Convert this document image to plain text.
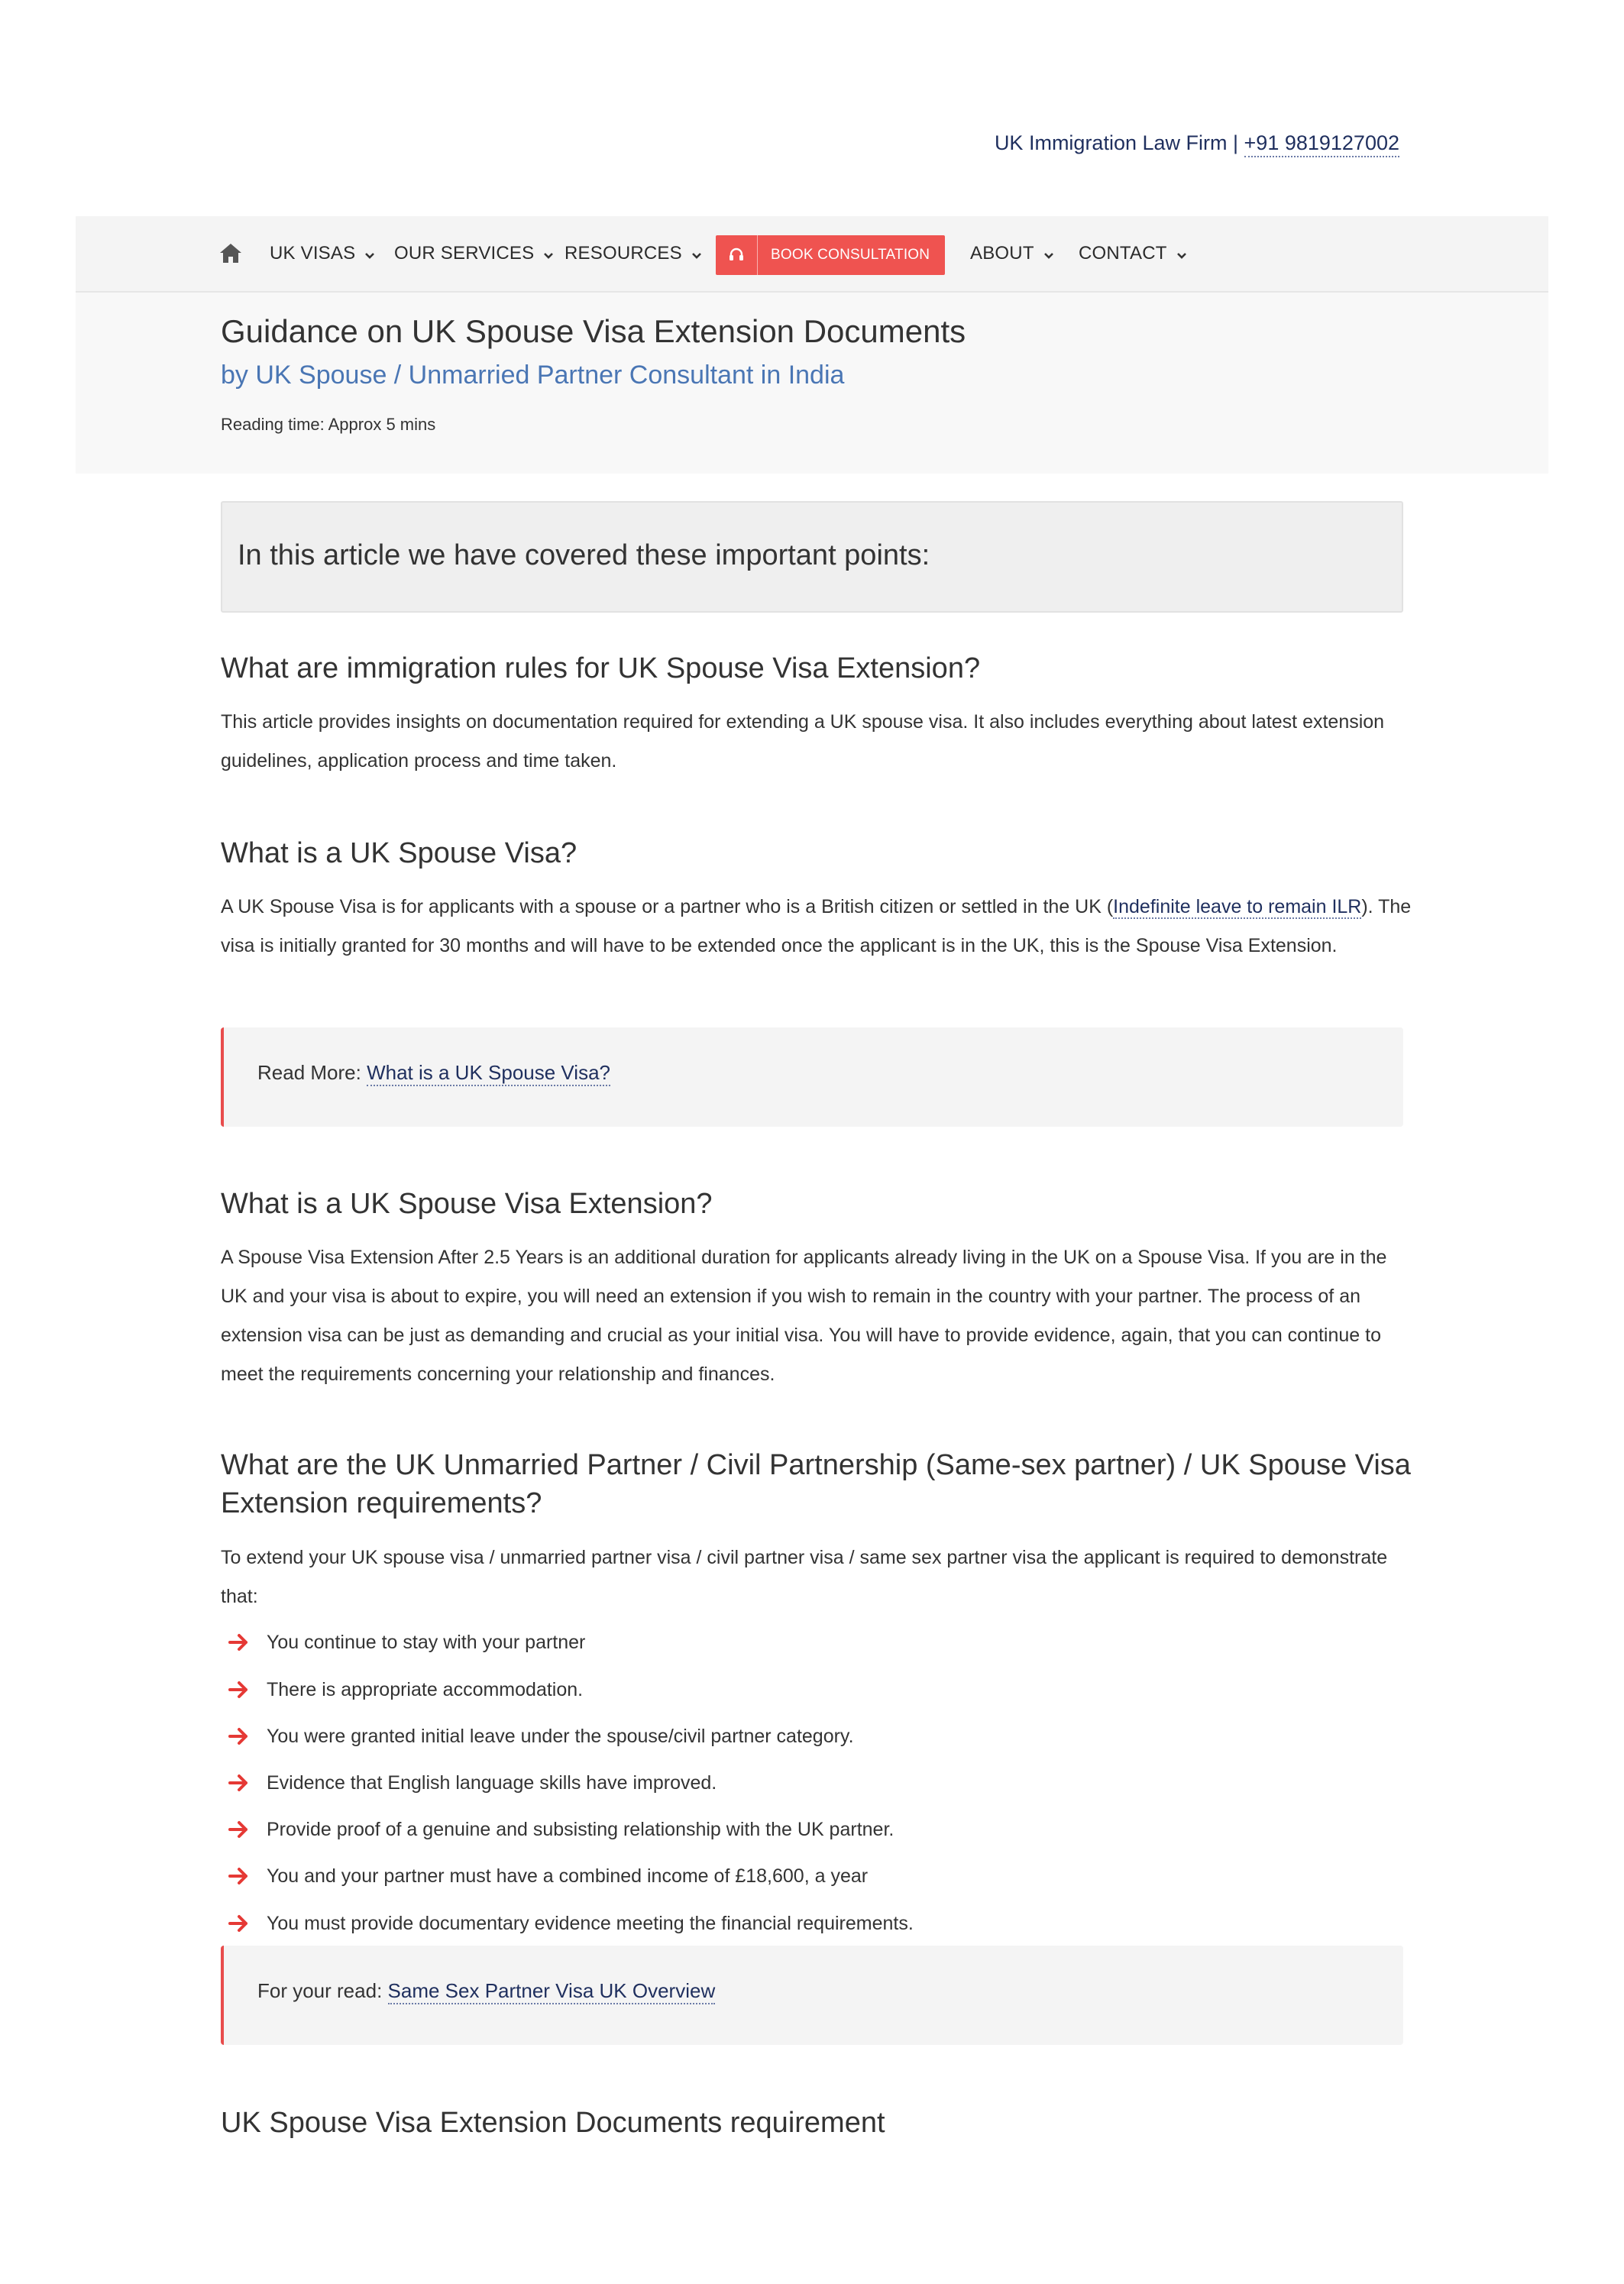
UK Immigration Law Firm | +91 9819127002
UK VISAS	OUR SERVICES	RESOURCES	BOOK CONSULTATION ABOUT	CONTACT
Guidance on UK Spouse Visa Extension Documents
by UK Spouse / Unmarried Partner Consultant in India
Reading time: Approx 5 mins
In this article we have covered these important points:
What are immigration rules for UK Spouse Visa Extension?
This article provides insights on documentation required for extending a UK spouse visa. It also includes everything about latest extension guidelines, application process and time taken.
What is a UK Spouse Visa?
A UK Spouse Visa is for applicants with a spouse or a partner who is a British citizen or settled in the UK (Indefinite leave to remain ILR). The visa is initially granted for 30 months and will have to be extended once the applicant is in the UK, this is the Spouse Visa Extension.
Read More: What is a UK Spouse Visa?
What is a UK Spouse Visa Extension?
A Spouse Visa Extension After 2.5 Years is an additional duration for applicants already living in the UK on a Spouse Visa. If you are in the UK and your visa is about to expire, you will need an extension if you wish to remain in the country with your partner. The process of an extension visa can be just as demanding and crucial as your initial visa. You will have to provide evidence, again, that you can continue to meet the requirements concerning your relationship and finances.
What are the UK Unmarried Partner / Civil Partnership (Same-sex partner) / UK Spouse Visa Extension requirements?
To extend your UK spouse visa / unmarried partner visa / civil partner visa / same sex partner visa the applicant is required to demonstrate that:
You continue to stay with your partner
There is appropriate accommodation.
You were granted initial leave under the spouse/civil partner category.
Evidence that English language skills have improved.
Provide proof of a genuine and subsisting relationship with the UK partner.
You and your partner must have a combined income of £18,600, a year
You must provide documentary evidence meeting the financial requirements.
For your read: Same Sex Partner Visa UK Overview
UK Spouse Visa Extension Documents requirement
